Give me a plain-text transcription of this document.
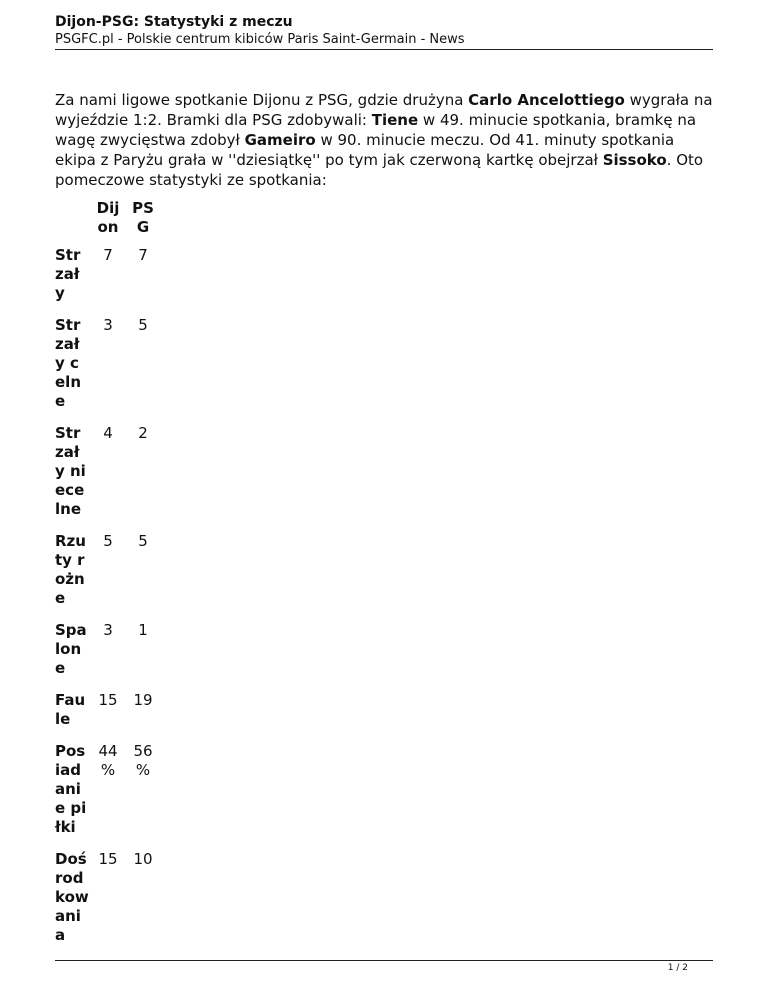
Dijon-PSG: Statystyki z meczu
PSGFC.pl - Polskie centrum kibiców Paris Saint-Germain - News

Za nami ligowe spotkanie Dijonu z PSG, gdzie drużyna Carlo Ancelottiego wygrała na wyjeździe 1:2. Bramki dla PSG zdobywali: Tiene w 49. minucie spotkania, bramkę na wagę zwycięstwa zdobył Gameiro w 90. minucie meczu. Od 41. minuty spotkania ekipa z Paryżu grała w ''dziesiątkę'' po tym jak czerwoną kartkę obejrzał Sissoko. Oto pomeczowe statystyki ze spotkania:

	Dijon	PSG
Strzały	7	7
Strzały celne	3	5
Strzały niecelne	4	2
Rzuty rożne	5	5
Spalone	3	1
Faule	15	19
Posiadanie piłki	44 %	56 %
Dośrodkowania	15	10
1 / 2
